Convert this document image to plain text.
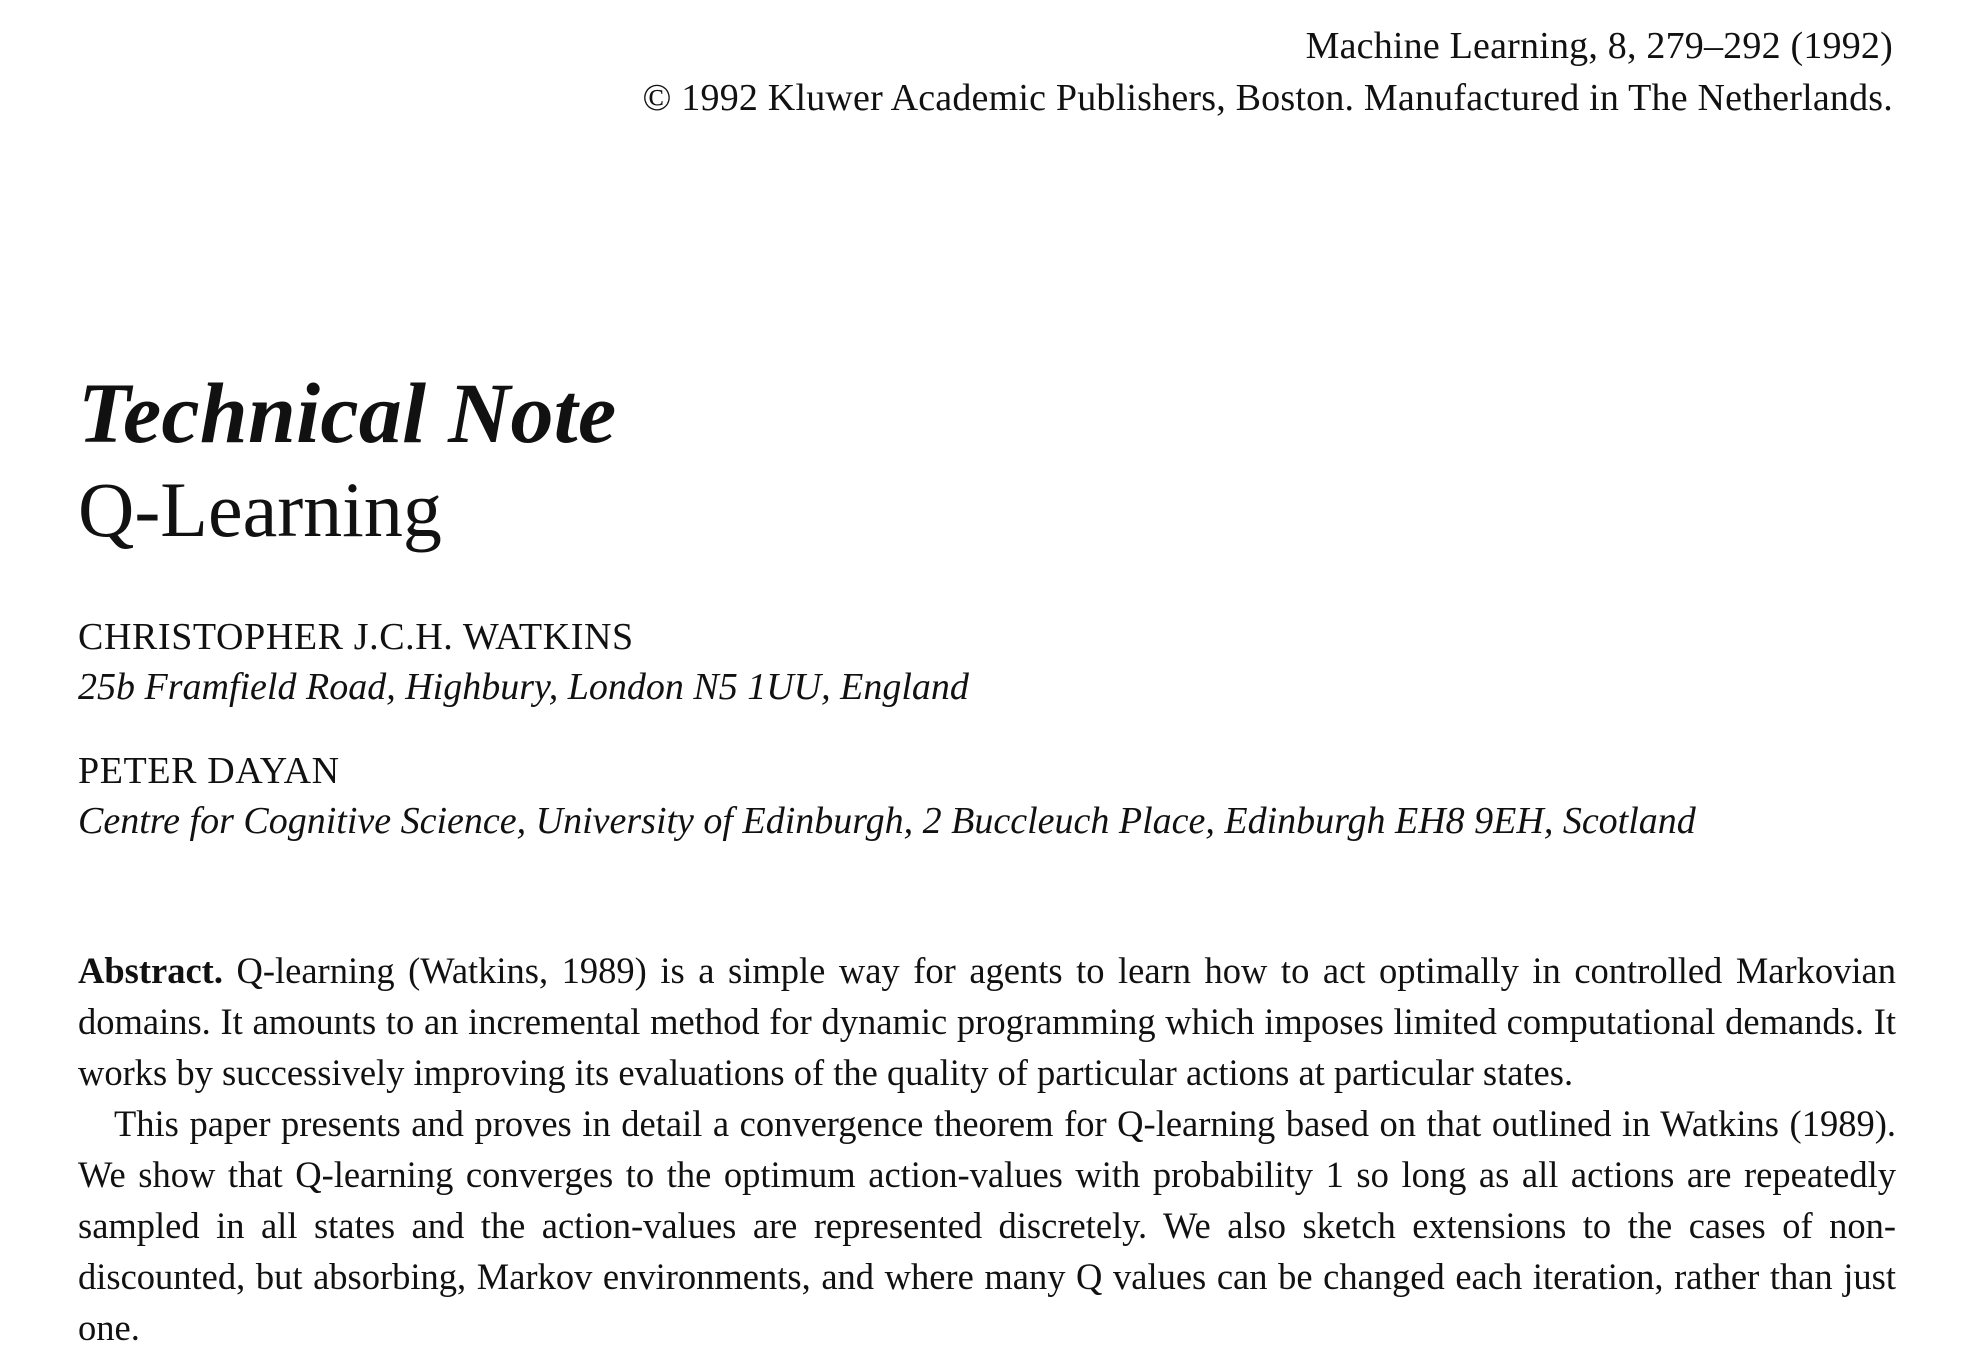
Machine Learning, 8, 279–292 (1992)
© 1992 Kluwer Academic Publishers, Boston. Manufactured in The Netherlands.
Technical Note
Q-Learning
CHRISTOPHER J.C.H. WATKINS
25b Framfield Road, Highbury, London N5 1UU, England
PETER DAYAN
Centre for Cognitive Science, University of Edinburgh, 2 Buccleuch Place, Edinburgh EH8 9EH, Scotland

Abstract. Q-learning (Watkins, 1989) is a simple way for agents to learn how to act optimally in controlled Markovian domains. It amounts to an incremental method for dynamic programming which imposes limited computational demands. It works by successively improving its evaluations of the quality of particular actions at particular states.

This paper presents and proves in detail a convergence theorem for Q-learning based on that outlined in Watkins (1989). We show that Q-learning converges to the optimum action-values with probability 1 so long as all actions are repeatedly sampled in all states and the action-values are represented discretely. We also sketch extensions to the cases of non-discounted, but absorbing, Markov environments, and where many Q values can be changed each iteration, rather than just one.
